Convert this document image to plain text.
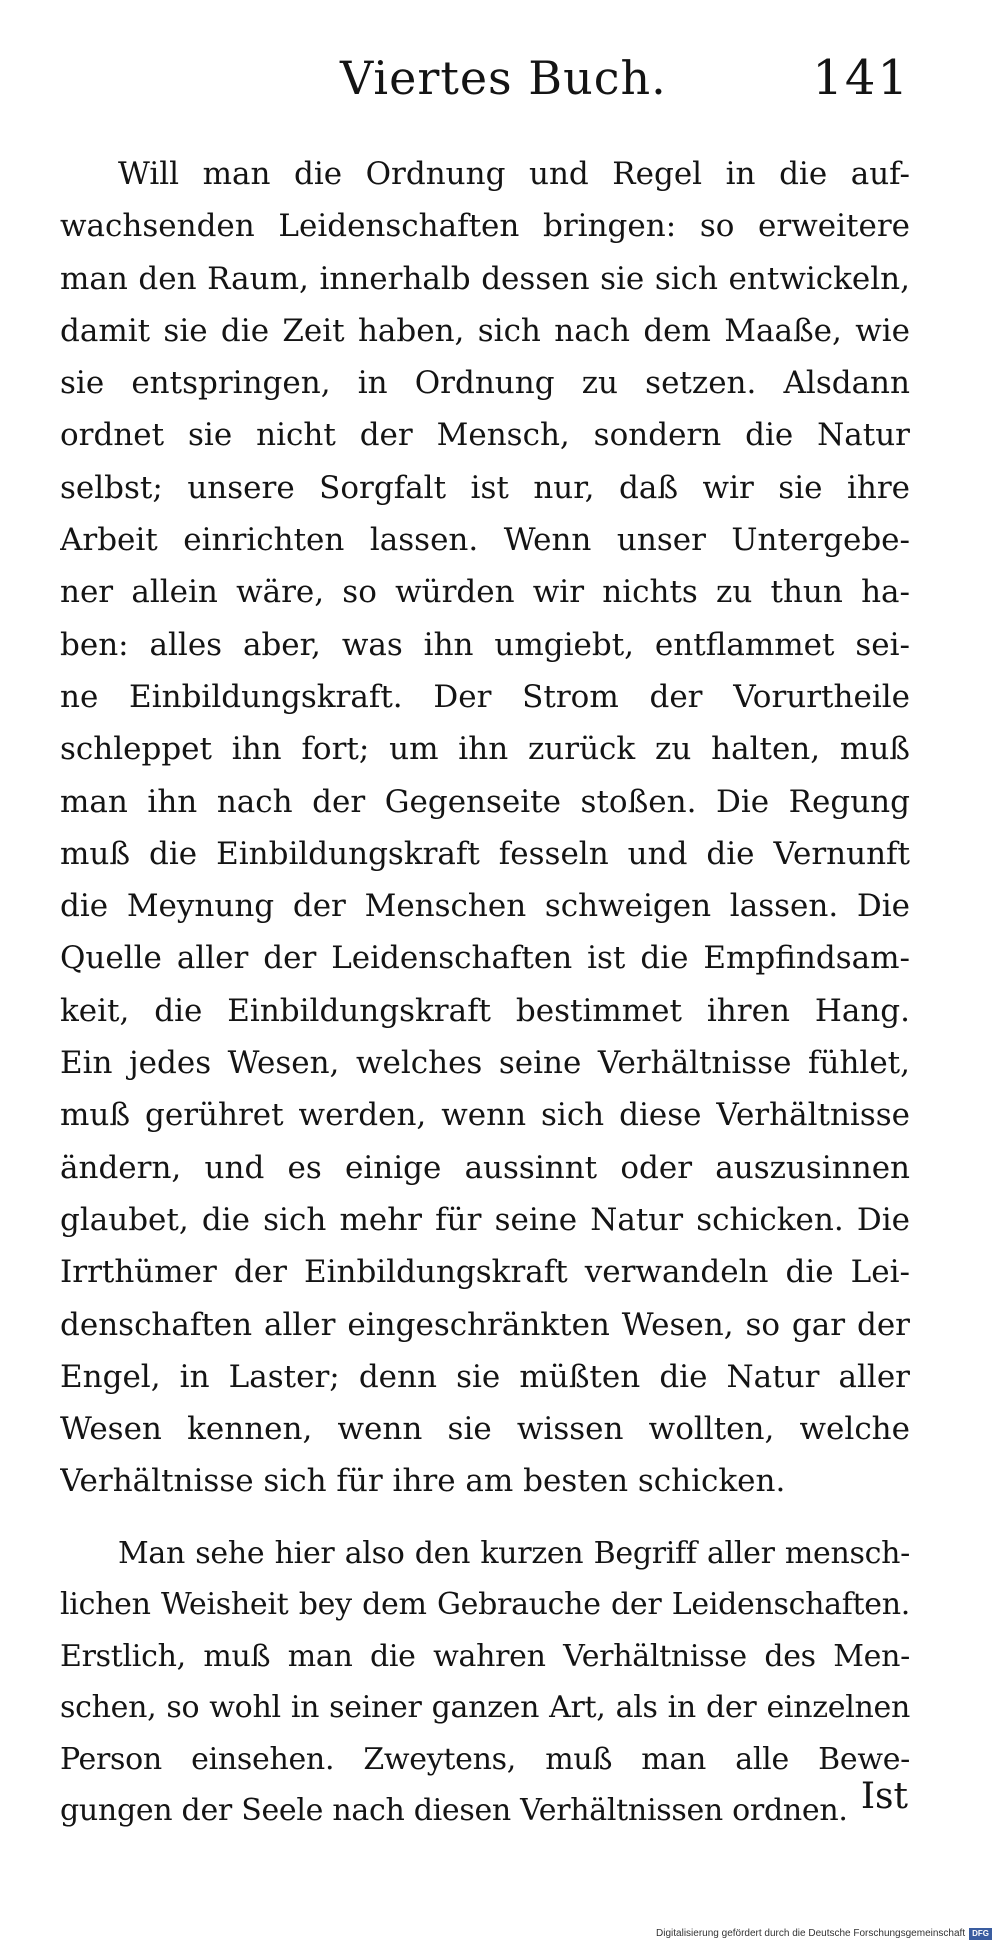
Viertes Buch.	141

Will man die Ordnung und Regel in die auf-
wachsenden Leidenschaften bringen: so erweitere
man den Raum, innerhalb dessen sie sich entwickeln,
damit sie die Zeit haben, sich nach dem Maaße, wie
sie entspringen, in Ordnung zu setzen. Alsdann
ordnet sie nicht der Mensch, sondern die Natur
selbst; unsere Sorgfalt ist nur, daß wir sie ihre
Arbeit einrichten lassen. Wenn unser Untergebe-
ner allein wäre, so würden wir nichts zu thun ha-
ben: alles aber, was ihn umgiebt, entflammet sei-
ne Einbildungskraft. Der Strom der Vorurtheile
schleppet ihn fort; um ihn zurück zu halten, muß
man ihn nach der Gegenseite stoßen. Die Regung
muß die Einbildungskraft fesseln und die Vernunft
die Meynung der Menschen schweigen lassen. Die
Quelle aller der Leidenschaften ist die Empfindsam-
keit, die Einbildungskraft bestimmet ihren Hang.
Ein jedes Wesen, welches seine Verhältnisse fühlet,
muß gerühret werden, wenn sich diese Verhältnisse
ändern, und es einige aussinnt oder auszusinnen
glaubet, die sich mehr für seine Natur schicken. Die
Irrthümer der Einbildungskraft verwandeln die Lei-
denschaften aller eingeschränkten Wesen, so gar der
Engel, in Laster; denn sie müßten die Natur aller
Wesen kennen, wenn sie wissen wollten, welche
Verhältnisse sich für ihre am besten schicken.

Man sehe hier also den kurzen Begriff aller mensch-
lichen Weisheit bey dem Gebrauche der Leidenschaften.
Erstlich, muß man die wahren Verhältnisse des Men-
schen, so wohl in seiner ganzen Art, als in der einzelnen
Person einsehen. Zweytens, muß man alle Bewe-
gungen der Seele nach diesen Verhältnissen ordnen. Ist
Digitalisierung gefördert durch die Deutsche Forschungsgemeinschaft DFG
